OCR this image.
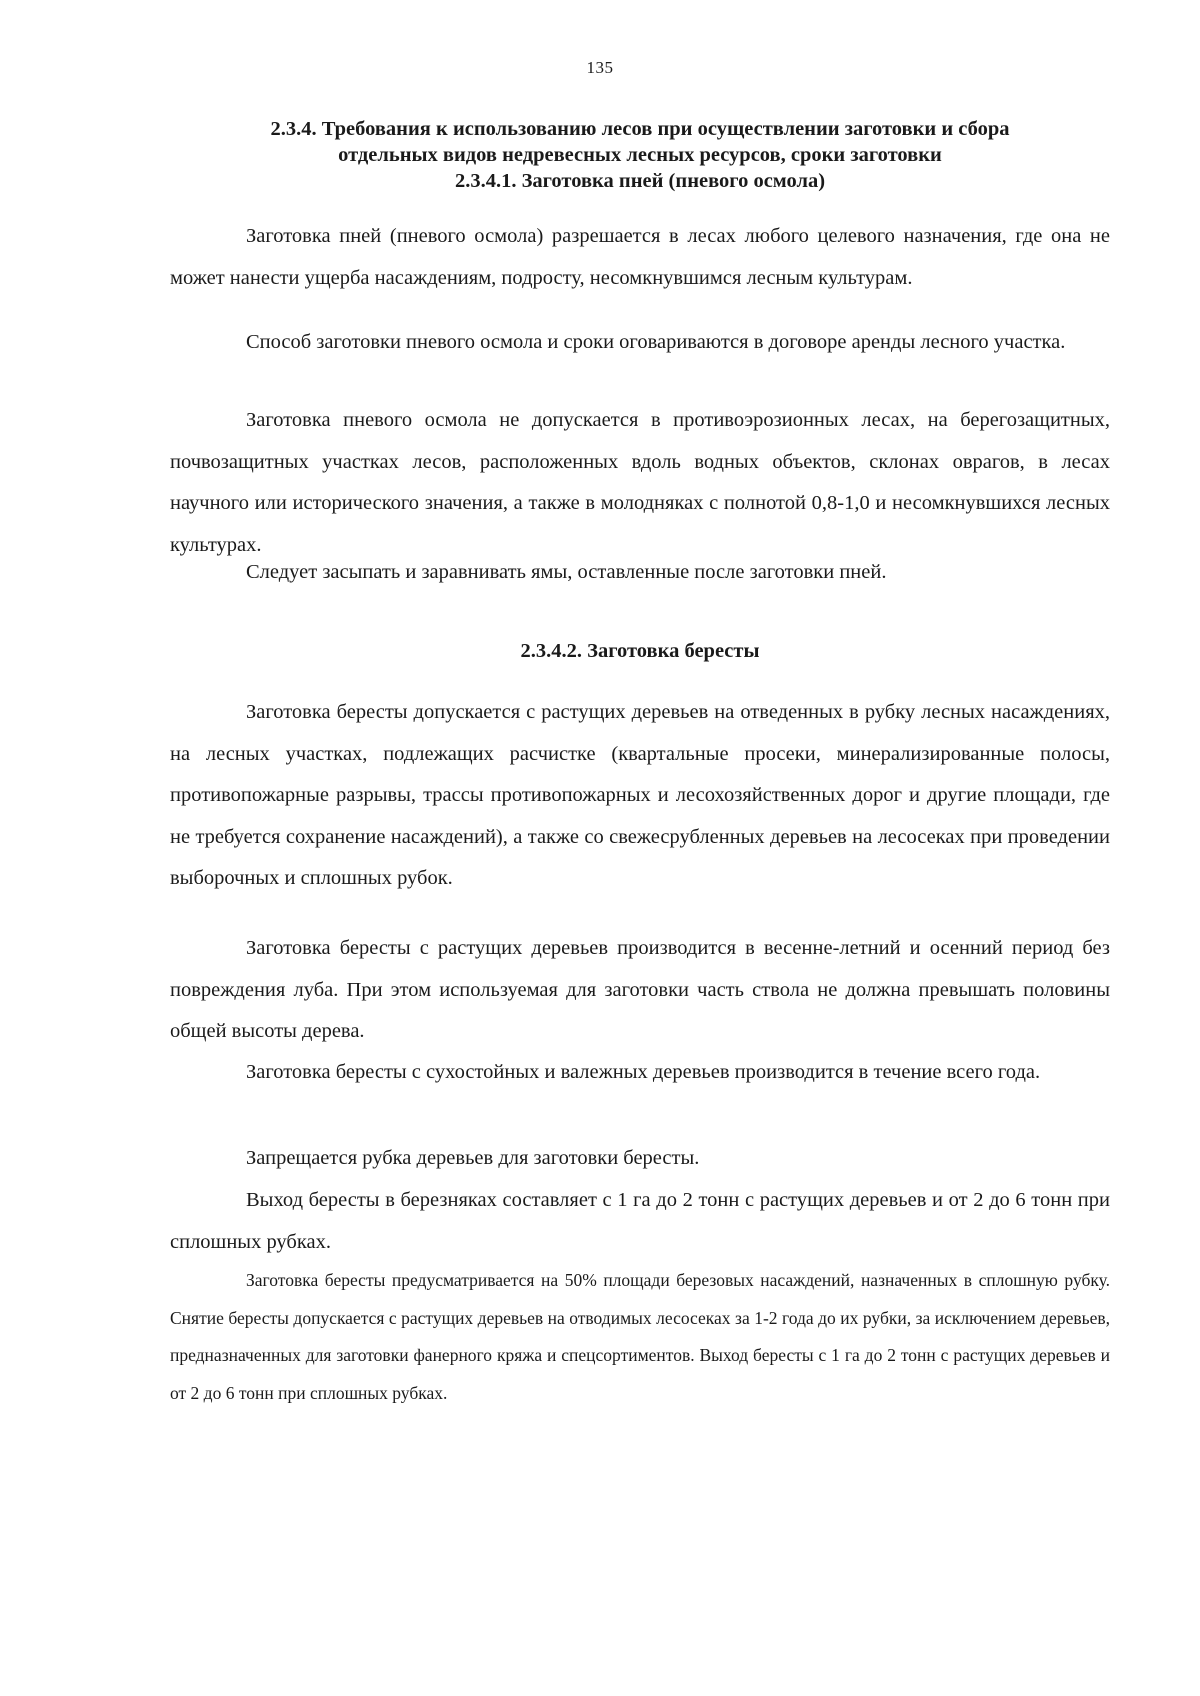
135
2.3.4. Требования к использованию лесов при осуществлении заготовки и сбора
отдельных видов недревесных лесных ресурсов, сроки заготовки
2.3.4.1. Заготовка пней (пневого осмола)

Заготовка пней (пневого осмола) разрешается в лесах любого целевого назначения, где она не может нанести ущерба насаждениям, подросту, несомкнувшимся лесным культурам.

Способ заготовки пневого осмола и сроки оговариваются в договоре аренды лесного участка.

Заготовка пневого осмола не допускается в противоэрозионных лесах, на берегозащитных, почвозащитных участках лесов, расположенных вдоль водных объектов, склонах оврагов, в лесах научного или исторического значения, а также в молодняках с полнотой 0,8-1,0 и несомкнувшихся лесных культурах.

Следует засыпать и заравнивать ямы, оставленные после заготовки пней.

2.3.4.2. Заготовка бересты

Заготовка бересты допускается с растущих деревьев на отведенных в рубку лесных насаждениях, на лесных участках, подлежащих расчистке (квартальные просеки, минерализированные полосы, противопожарные разрывы, трассы противопожарных и лесохозяйственных дорог и другие площади, где не требуется сохранение насаждений), а также со свежесрубленных деревьев на лесосеках при проведении выборочных и сплошных рубок.

Заготовка бересты с растущих деревьев производится в весенне-летний и осенний период без повреждения луба. При этом используемая для заготовки часть ствола не должна превышать половины общей высоты дерева.

Заготовка бересты с сухостойных и валежных деревьев производится в течение всего года.

Запрещается рубка деревьев для заготовки бересты.

Выход бересты в березняках составляет с 1 га до 2 тонн с растущих деревьев и от 2 до 6 тонн при сплошных рубках.

Заготовка бересты предусматривается на 50% площади березовых насаждений, назначенных в сплошную рубку. Снятие бересты допускается с растущих деревьев на отводимых лесосеках за 1-2 года до их рубки, за исключением деревьев, предназначенных для заготовки фанерного кряжа и спецсортиментов. Выход бересты с 1 га до 2 тонн с растущих деревьев и от 2 до 6 тонн при сплошных рубках.
